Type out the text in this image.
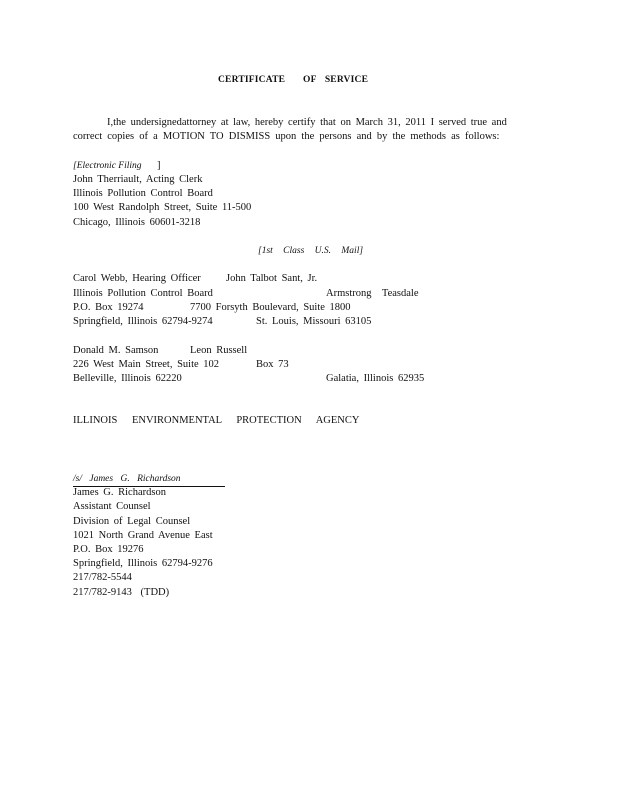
CERTIFICATE OF SERVICE
I,the undersignedattorney at law, hereby certify that on March 31, 2011 I served true and
correct copies of a MOTION TO DISMISS upon the persons and by the methods as follows:
[Electronic Filing ]
John Therriault, Acting Clerk
Illinois Pollution Control Board
100 West Randolph Street, Suite 11-500
Chicago, Illinois 60601-3218
[1st Class U.S. Mail]
Carol Webb, Hearing Officer
Illinois Pollution Control Board
P.O. Box 19274
Springfield, Illinois 62794-9274
John Talbot Sant, Jr.
Armstrong Teasdale
7700 Forsyth Boulevard, Suite 1800
St. Louis, Missouri 63105
Donald M. Samson
226 West Main Street, Suite 102
Belleville, Illinois 62220
Leon Russell
Box 73
Galatia, Illinois 62935
ILLINOIS ENVIRONMENTAL PROTECTION AGENCY
/s/ James G. Richardson
James G. Richardson
Assistant Counsel
Division of Legal Counsel
1021 North Grand Avenue East
P.O. Box 19276
Springfield, Illinois 62794-9276
217/782-5544
217/782-9143 (TDD)
